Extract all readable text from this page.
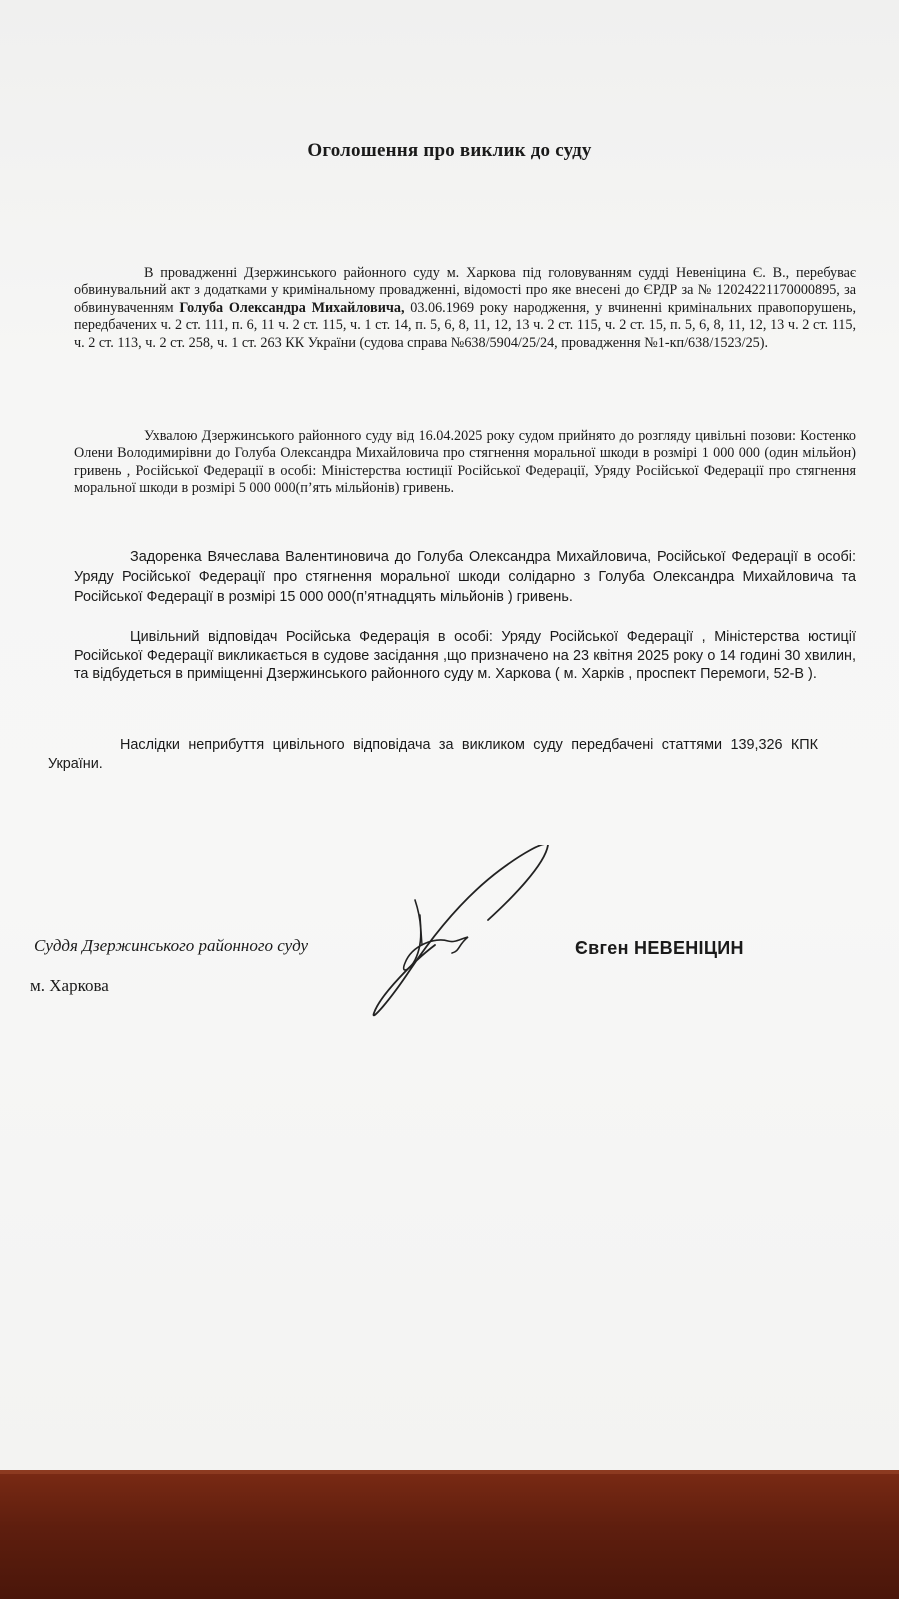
Оголошення про виклик до суду
В провадженні Дзержинського районного суду м. Харкова під головуванням судді Невеніцина Є. В., перебуває обвинувальний акт з додатками у кримінальному провадженні, відомості про яке внесені до ЄРДР за № 12024221170000895, за обвинуваченням Голуба Олександра Михайловича, 03.06.1969 року народження, у вчиненні кримінальних правопорушень, передбачених ч. 2 ст. 111, п. 6, 11 ч. 2 ст. 115, ч. 1 ст. 14, п. 5, 6, 8, 11, 12, 13 ч. 2 ст. 115, ч. 2 ст. 15, п. 5, 6, 8, 11, 12, 13 ч. 2 ст. 115, ч. 2 ст. 113, ч. 2 ст. 258, ч. 1 ст. 263 КК України (судова справа №638/5904/25/24, провадження №1-кп/638/1523/25).
Ухвалою Дзержинського районного суду від 16.04.2025 року судом прийнято до розгляду цивільні позови: Костенко Олени Володимирівни до Голуба Олександра Михайловича про стягнення моральної шкоди в розмірі 1 000 000 (один мільйон) гривень , Російської Федерації в особі: Міністерства юстиції Російської Федерації, Уряду Російської Федерації про стягнення моральної шкоди в розмірі 5 000 000(п’ять мільйонів) гривень.
Задоренка Вячеслава Валентиновича до Голуба Олександра Михайловича, Російської Федерації в особі: Уряду Російської Федерації про стягнення моральної шкоди солідарно з Голуба Олександра Михайловича та Російської Федерації в розмірі 15 000 000(п’ятнадцять мільйонів ) гривень.
Цивільний відповідач Російська Федерація в особі: Уряду Російської Федерації , Міністерства юстиції Російської Федерації викликається в судове засідання ,що призначено на 23 квітня 2025 року о 14 годині 30 хвилин, та відбудеться в приміщенні Дзержинського районного суду м. Харкова ( м. Харків , проспект Перемоги, 52-В ).
Наслідки неприбуття цивільного відповідача за викликом суду передбачені статтями 139,326 КПК України.
Суддя Дзержинського районного суду
м. Харкова
Євген НЕВЕНІЦИН
